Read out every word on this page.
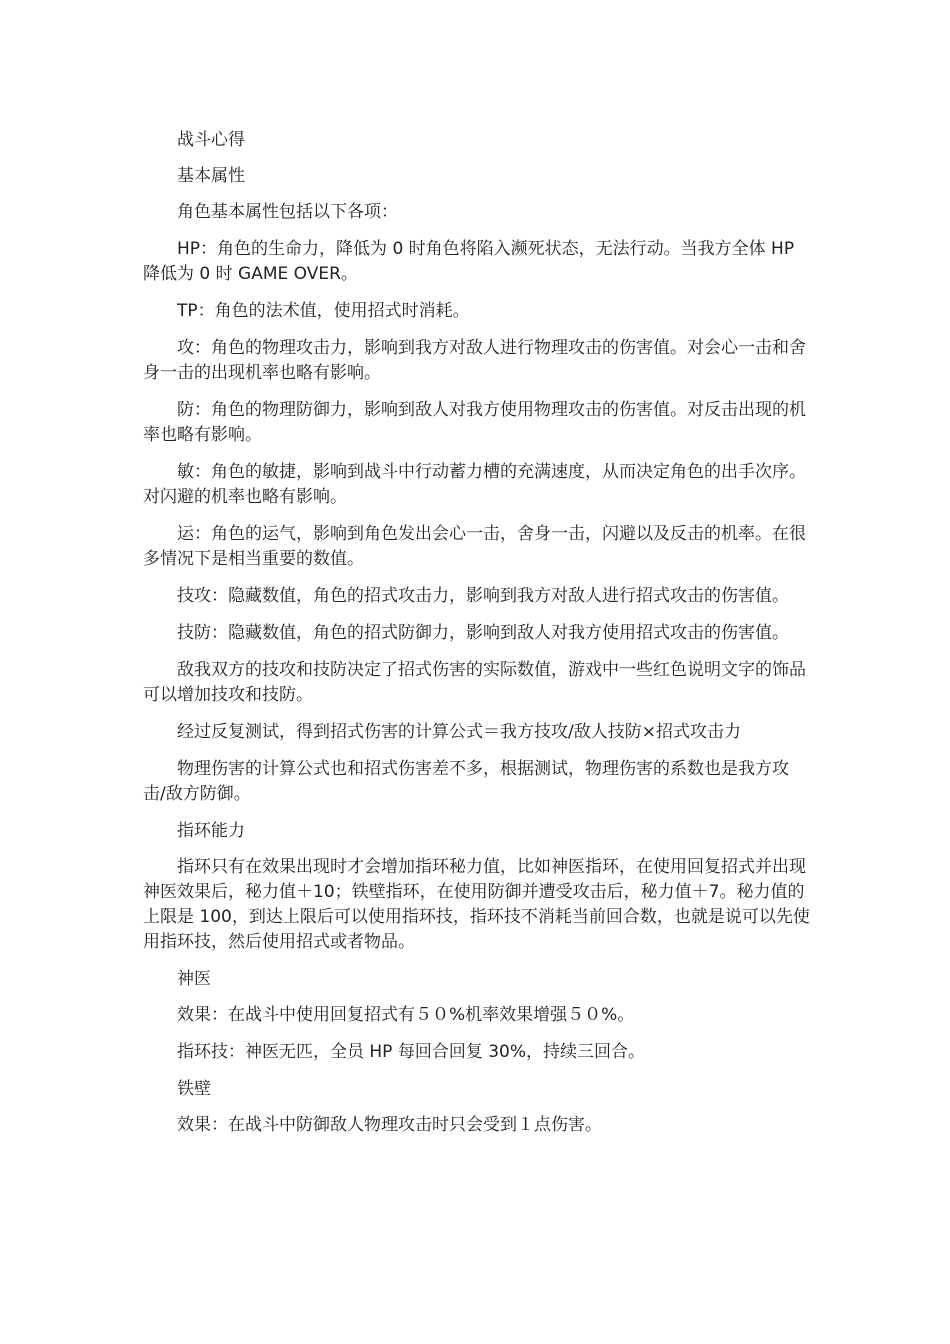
战斗心得

基本属性

角色基本属性包括以下各项：

HP：角色的生命力，降低为 0 时角色将陷入濒死状态，无法行动。当我方全体 HP 降低为 0 时 GAME OVER。

TP：角色的法术值，使用招式时消耗。

攻：角色的物理攻击力，影响到我方对敌人进行物理攻击的伤害值。对会心一击和舍身一击的出现机率也略有影响。

防：角色的物理防御力，影响到敌人对我方使用物理攻击的伤害值。对反击出现的机率也略有影响。

敏：角色的敏捷，影响到战斗中行动蓄力槽的充满速度，从而决定角色的出手次序。对闪避的机率也略有影响。

运：角色的运气，影响到角色发出会心一击，舍身一击，闪避以及反击的机率。在很多情况下是相当重要的数值。

技攻：隐藏数值，角色的招式攻击力，影响到我方对敌人进行招式攻击的伤害值。

技防：隐藏数值，角色的招式防御力，影响到敌人对我方使用招式攻击的伤害值。

敌我双方的技攻和技防决定了招式伤害的实际数值，游戏中一些红色说明文字的饰品可以增加技攻和技防。

经过反复测试，得到招式伤害的计算公式＝我方技攻/敌人技防×招式攻击力

物理伤害的计算公式也和招式伤害差不多，根据测试，物理伤害的系数也是我方攻击/敌方防御。

指环能力

指环只有在效果出现时才会增加指环秘力值，比如神医指环，在使用回复招式并出现神医效果后，秘力值＋10；铁壁指环，在使用防御并遭受攻击后，秘力值＋7。秘力值的上限是 100，到达上限后可以使用指环技，指环技不消耗当前回合数，也就是说可以先使用指环技，然后使用招式或者物品。

神医

效果：在战斗中使用回复招式有５０%机率效果增强５０%。

指环技：神医无匹，全员 HP 每回合回复 30%，持续三回合。

铁壁

效果：在战斗中防御敌人物理攻击时只会受到１点伤害。
